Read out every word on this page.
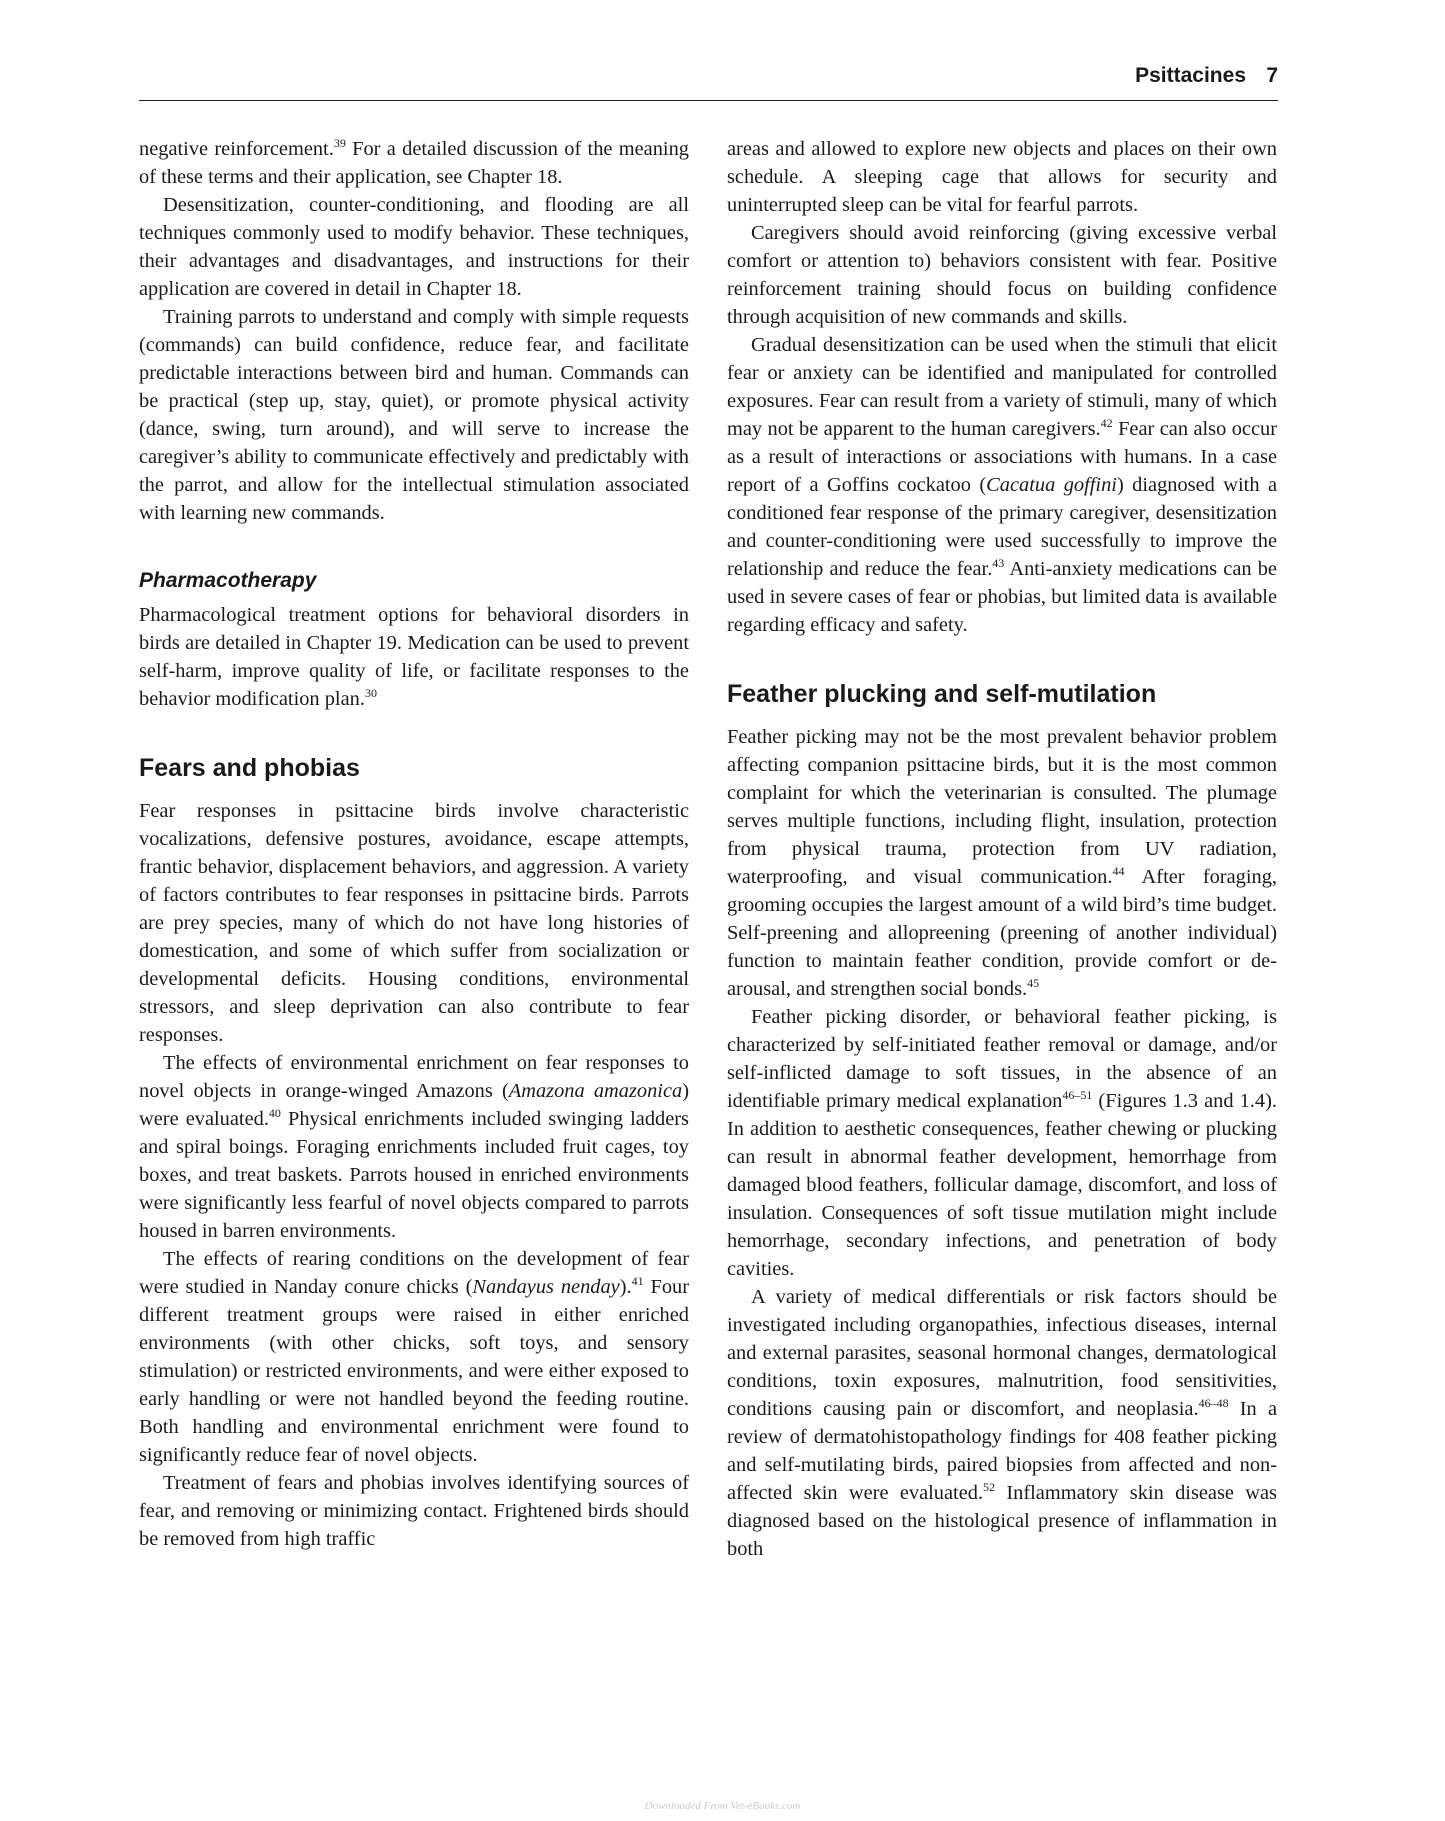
Psittacines 7

negative reinforcement.$^{39}$ For a detailed discussion of the meaning of these terms and their application, see Chapter 18.

Desensitization, counter-conditioning, and flooding are all techniques commonly used to modify behavior. These techniques, their advantages and disadvantages, and instructions for their application are covered in detail in Chapter 18.

Training parrots to understand and comply with simple requests (commands) can build confidence, reduce fear, and facilitate predictable interactions between bird and human. Commands can be practical (step up, stay, quiet), or promote physical activity (dance, swing, turn around), and will serve to increase the caregiver’s ability to communicate effectively and predictably with the parrot, and allow for the intellectual stimulation associated with learning new commands.

Pharmacotherapy

Pharmacological treatment options for behavioral disorders in birds are detailed in Chapter 19. Medication can be used to prevent self-harm, improve quality of life, or facilitate responses to the behavior modification plan.$^{30}$

Fears and phobias

Fear responses in psittacine birds involve characteristic vocalizations, defensive postures, avoidance, escape attempts, frantic behavior, displacement behaviors, and aggression. A variety of factors contributes to fear responses in psittacine birds. Parrots are prey species, many of which do not have long histories of domestication, and some of which suffer from socialization or developmental deficits. Housing conditions, environmental stressors, and sleep deprivation can also contribute to fear responses.

The effects of environmental enrichment on fear responses to novel objects in orange-winged Amazons (Amazona amazonica) were evaluated.$^{40}$ Physical enrichments included swinging ladders and spiral boings. Foraging enrichments included fruit cages, toy boxes, and treat baskets. Parrots housed in enriched environments were significantly less fearful of novel objects compared to parrots housed in barren environments.

The effects of rearing conditions on the development of fear were studied in Nanday conure chicks (Nandayus nenday).$^{41}$ Four different treatment groups were raised in either enriched environments (with other chicks, soft toys, and sensory stimulation) or restricted environments, and were either exposed to early handling or were not handled beyond the feeding routine. Both handling and environmental enrichment were found to significantly reduce fear of novel objects.

Treatment of fears and phobias involves identifying sources of fear, and removing or minimizing contact. Frightened birds should be removed from high traffic

areas and allowed to explore new objects and places on their own schedule. A sleeping cage that allows for security and uninterrupted sleep can be vital for fearful parrots.

Caregivers should avoid reinforcing (giving excessive verbal comfort or attention to) behaviors consistent with fear. Positive reinforcement training should focus on building confidence through acquisition of new commands and skills.

Gradual desensitization can be used when the stimuli that elicit fear or anxiety can be identified and manipulated for controlled exposures. Fear can result from a variety of stimuli, many of which may not be apparent to the human caregivers.$^{42}$ Fear can also occur as a result of interactions or associations with humans. In a case report of a Goffins cockatoo (Cacatua goffini) diagnosed with a conditioned fear response of the primary caregiver, desensitization and counter-conditioning were used successfully to improve the relationship and reduce the fear.$^{43}$ Anti-anxiety medications can be used in severe cases of fear or phobias, but limited data is available regarding efficacy and safety.

Feather plucking and self-mutilation

Feather picking may not be the most prevalent behavior problem affecting companion psittacine birds, but it is the most common complaint for which the veterinarian is consulted. The plumage serves multiple functions, including flight, insulation, protection from physical trauma, protection from UV radiation, waterproofing, and visual communication.$^{44}$ After foraging, grooming occupies the largest amount of a wild bird’s time budget. Self-preening and allopreening (preening of another individual) function to maintain feather condition, provide comfort or de-arousal, and strengthen social bonds.$^{45}$

Feather picking disorder, or behavioral feather picking, is characterized by self-initiated feather removal or damage, and/or self-inflicted damage to soft tissues, in the absence of an identifiable primary medical explanation$^{46-51}$ (Figures 1.3 and 1.4). In addition to aesthetic consequences, feather chewing or plucking can result in abnormal feather development, hemorrhage from damaged blood feathers, follicular damage, discomfort, and loss of insulation. Consequences of soft tissue mutilation might include hemorrhage, secondary infections, and penetration of body cavities.

A variety of medical differentials or risk factors should be investigated including organopathies, infectious diseases, internal and external parasites, seasonal hormonal changes, dermatological conditions, toxin exposures, malnutrition, food sensitivities, conditions causing pain or discomfort, and neoplasia.$^{46-48}$ In a review of dermatohistopathology findings for 408 feather picking and self-mutilating birds, paired biopsies from affected and non-affected skin were evaluated.$^{52}$ Inflammatory skin disease was diagnosed based on the histological presence of inflammation in both

Downloaded From Vet-eBooks.com
